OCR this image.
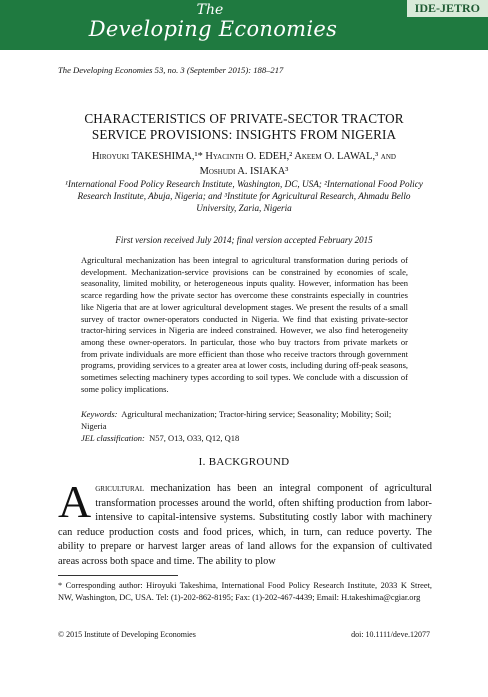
The
Developing Economies
IDE-JETRO
The Developing Economies 53, no. 3 (September 2015): 188–217
CHARACTERISTICS OF PRIVATE-SECTOR TRACTOR
SERVICE PROVISIONS: INSIGHTS FROM NIGERIA
Hiroyuki TAKESHIMA,¹* Hyacinth O. EDEH,² Akeem O. LAWAL,³ and
Moshudi A. ISIAKA³
¹International Food Policy Research Institute, Washington, DC, USA; ²International Food Policy
Research Institute, Abuja, Nigeria; and ³Institute for Agricultural Research, Ahmadu Bello
University, Zaria, Nigeria
First version received July 2014; final version accepted February 2015
Agricultural mechanization has been integral to agricultural transformation during periods of development. Mechanization-service provisions can be constrained by economies of scale, seasonality, limited mobility, or heterogeneous inputs quality. However, information has been scarce regarding how the private sector has overcome these constraints especially in countries like Nigeria that are at lower agricultural development stages. We present the results of a small survey of tractor owner-operators conducted in Nigeria. We find that existing private-sector tractor-hiring services in Nigeria are indeed constrained. However, we also find heterogeneity among these owner-operators. In particular, those who buy tractors from private markets or from private individuals are more efficient than those who receive tractors through government programs, providing services to a greater area at lower costs, including during off-peak seasons, sometimes selecting machinery types according to soil types. We conclude with a discussion of some policy implications.
Keywords: Agricultural mechanization; Tractor-hiring service; Seasonality; Mobility; Soil; Nigeria
JEL classification: N57, O13, O33, Q12, Q18
I. BACKGROUND
Agricultural mechanization has been an integral component of agricultural transformation processes around the world, often shifting production from labor-intensive to capital-intensive systems. Substituting costly labor with machinery can reduce production costs and food prices, which, in turn, can reduce poverty. The ability to prepare or harvest larger areas of land allows for the expansion of cultivated areas across both space and time. The ability to plow
* Corresponding author: Hiroyuki Takeshima, International Food Policy Research Institute, 2033 K Street, NW, Washington, DC, USA. Tel: (1)-202-862-8195; Fax: (1)-202-467-4439; Email: H.takeshima@cgiar.org
© 2015 Institute of Developing Economies	doi: 10.1111/deve.12077
